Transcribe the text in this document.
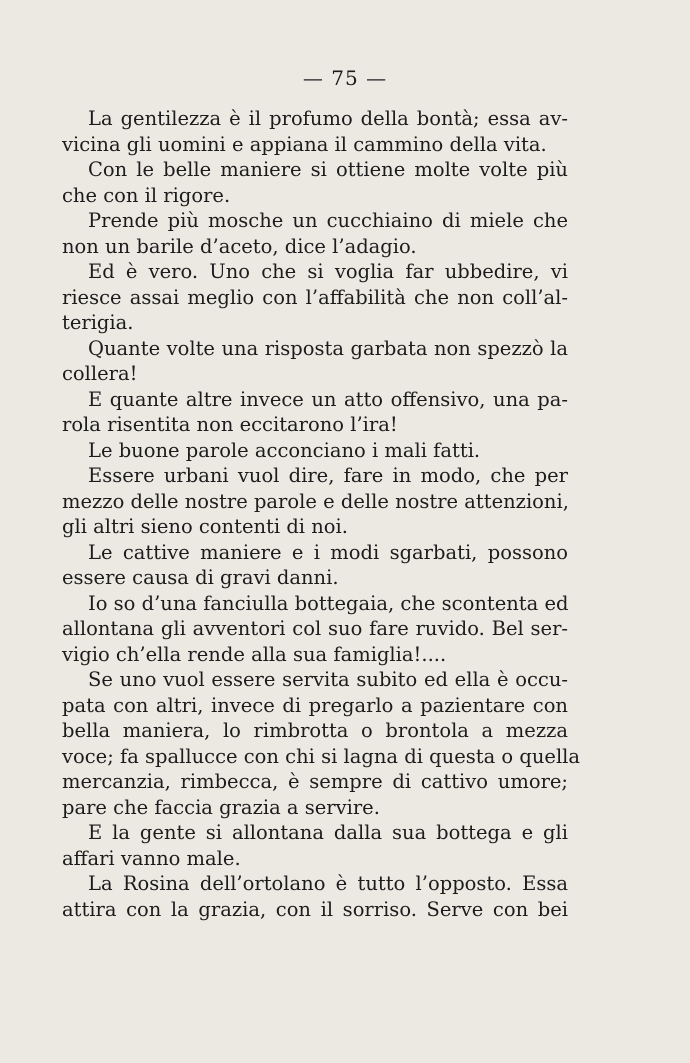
— 75 —
La gentilezza è il profumo della bontà; essa av-
vicina gli uomini e appiana il cammino della vita.
Con le belle maniere si ottiene molte volte più
che con il rigore.
Prende più mosche un cucchiaino di miele che
non un barile d’aceto, dice l’adagio.
Ed è vero. Uno che si voglia far ubbedire, vi
riesce assai meglio con l’affabilità che non coll’al-
terigia.
Quante volte una risposta garbata non spezzò la
collera!
E quante altre invece un atto offensivo, una pa-
rola risentita non eccitarono l’ira!
Le buone parole acconciano i mali fatti.
Essere urbani vuol dire, fare in modo, che per
mezzo delle nostre parole e delle nostre attenzioni,
gli altri sieno contenti di noi.
Le cattive maniere e i modi sgarbati, possono
essere causa di gravi danni.
Io so d’una fanciulla bottegaia, che scontenta ed
allontana gli avventori col suo fare ruvido. Bel ser-
vigio ch’ella rende alla sua famiglia!....
Se uno vuol essere servita subito ed ella è occu-
pata con altri, invece di pregarlo a pazientare con
bella maniera, lo rimbrotta o brontola a mezza
voce; fa spallucce con chi si lagna di questa o quella
mercanzia, rimbecca, è sempre di cattivo umore;
pare che faccia grazia a servire.
E la gente si allontana dalla sua bottega e gli
affari vanno male.
La Rosina dell’ortolano è tutto l’opposto. Essa
attira con la grazia, con il sorriso. Serve con bei
